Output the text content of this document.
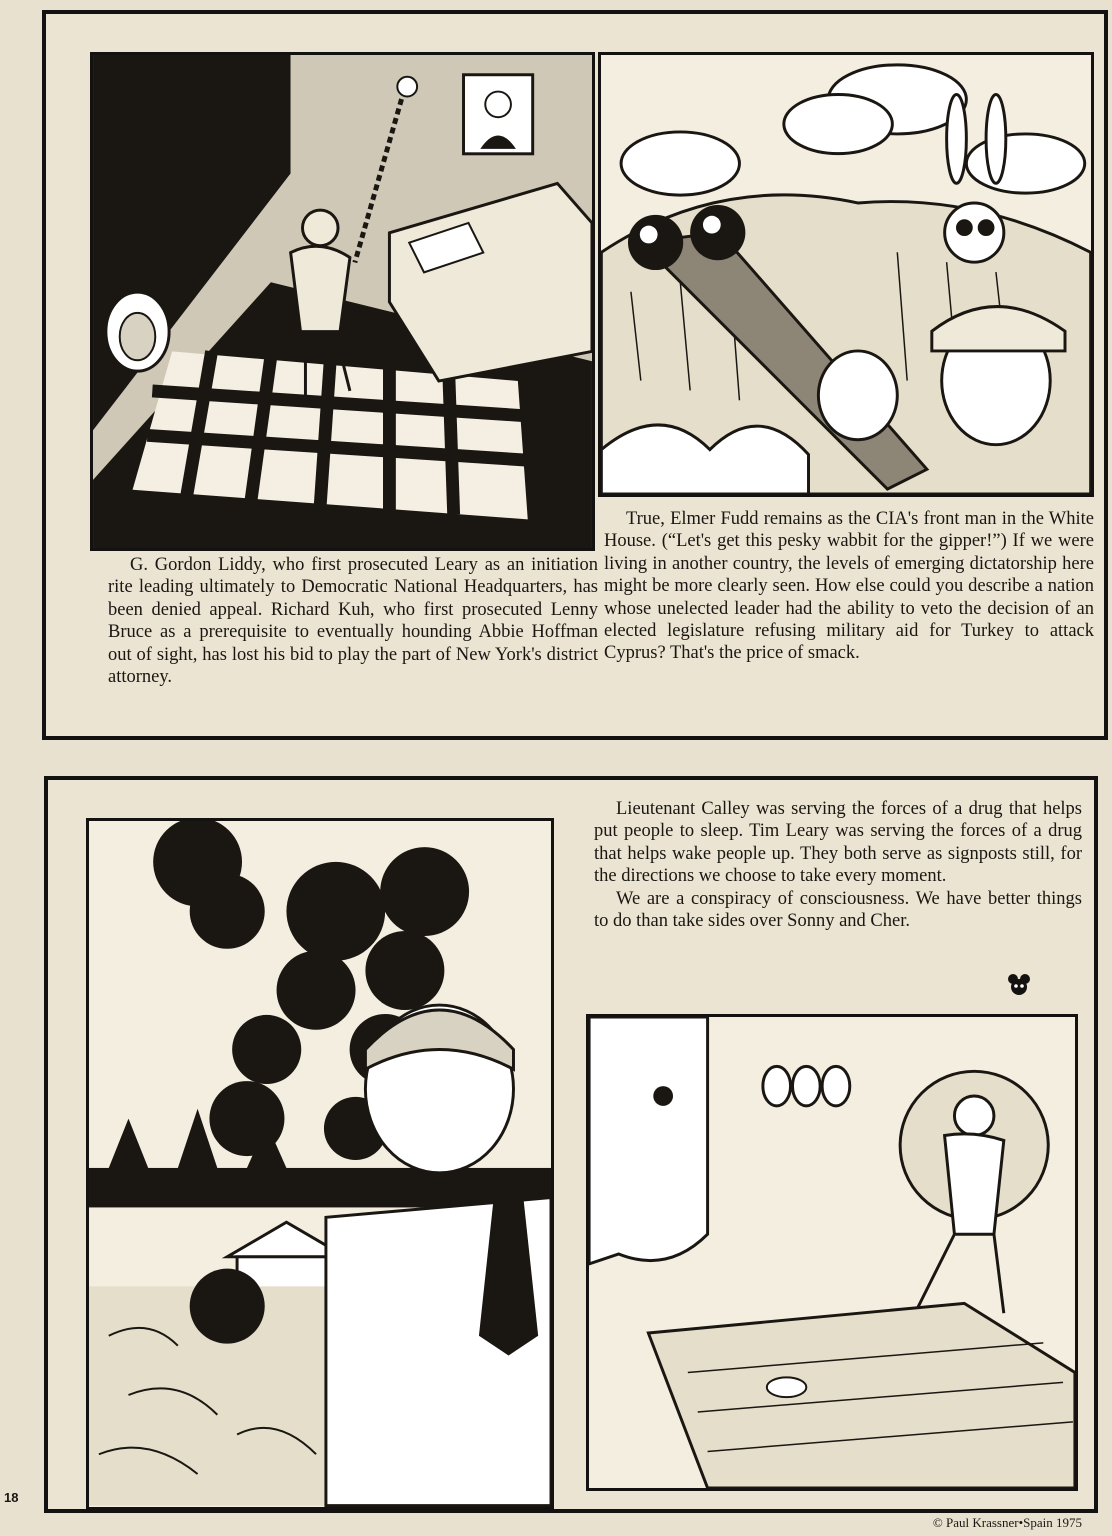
G. Gordon Liddy, who first prosecuted Leary as an initiation rite leading ultimately to Democratic National Headquarters, has been denied appeal. Richard Kuh, who first prosecuted Lenny Bruce as a prerequisite to eventually hounding Abbie Hoffman out of sight, has lost his bid to play the part of New York's district attorney.

True, Elmer Fudd remains as the CIA's front man in the White House. (“Let's get this pesky wabbit for the gipper!”) If we were living in another country, the levels of emerging dictatorship here might be more clearly seen. How else could you describe a nation whose unelected leader had the ability to veto the decision of an elected legislature refusing military aid for Turkey to attack Cyprus? That's the price of smack.

Lieutenant Calley was serving the forces of a drug that helps put people to sleep. Tim Leary was serving the forces of a drug that helps wake people up. They both serve as signposts still, for the directions we choose to take every moment.

We are a conspiracy of consciousness. We have better things to do than take sides over Sonny and Cher.

18
© Paul Krassner•Spain 1975
